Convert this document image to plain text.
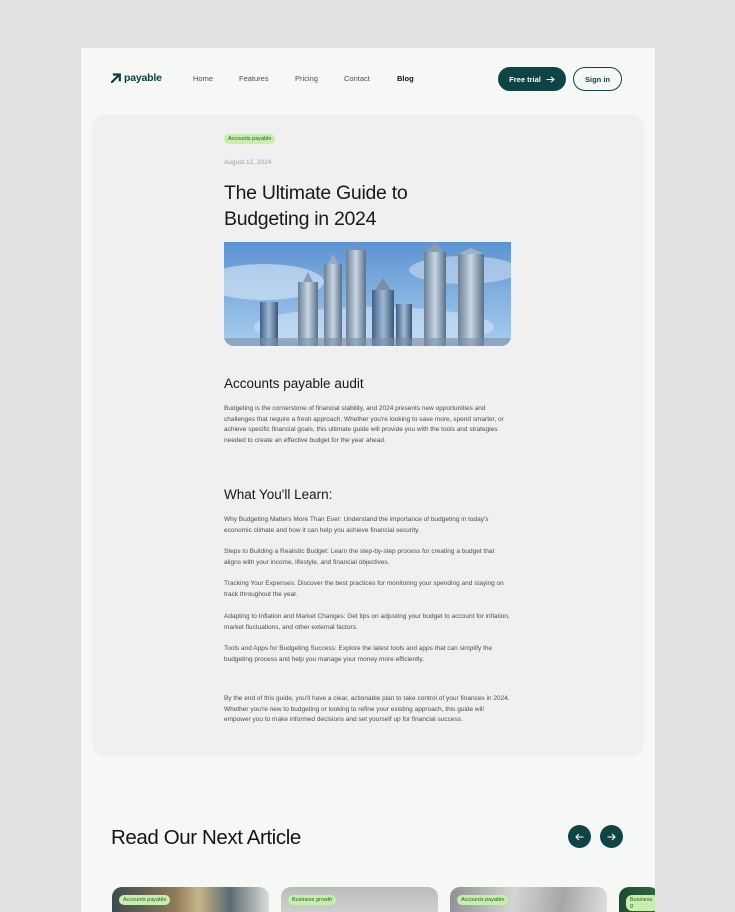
payable	Home	Features	Pricing	Contact	Blog	Free trial	Sign in
Accounts payable
August 12, 2024
The Ultimate Guide to
Budgeting in 2024
Accounts payable audit

Budgeting is the cornerstone of financial stability, and 2024 presents new opportunities and challenges that require a fresh approach. Whether you're looking to save more, spend smarter, or achieve specific financial goals, this ultimate guide will provide you with the tools and strategies needed to create an effective budget for the year ahead.

What You'll Learn:

Why Budgeting Matters More Than Ever: Understand the importance of budgeting in today's economic climate and how it can help you achieve financial security.

Steps to Building a Realistic Budget: Learn the step-by-step process for creating a budget that aligns with your income, lifestyle, and financial objectives.

Tracking Your Expenses: Discover the best practices for monitoring your spending and staying on track throughout the year.

Adapting to Inflation and Market Changes: Get tips on adjusting your budget to account for inflation, market fluctuations, and other external factors.

Tools and Apps for Budgeting Success: Explore the latest tools and apps that can simplify the budgeting process and help you manage your money more efficiently.

By the end of this guide, you'll have a clear, actionable plan to take control of your finances in 2024. Whether you're new to budgeting or looking to refine your existing approach, this guide will empower you to make informed decisions and set yourself up for financial success.

Read Our Next Article
Accounts payable	Business growth	Accounts payable	Business g
